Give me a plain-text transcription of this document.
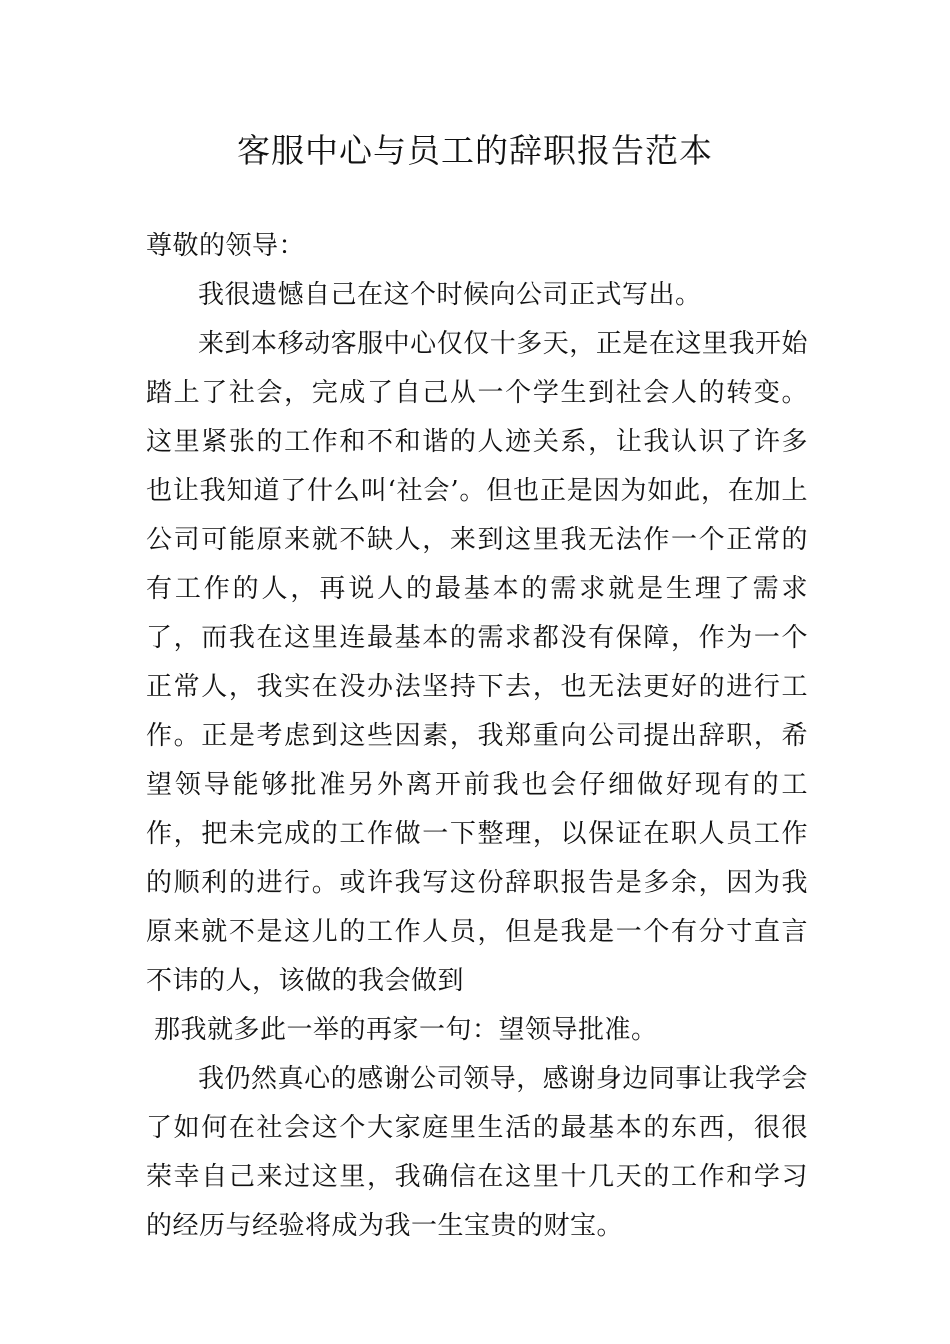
客服中心与员工的辞职报告范本

尊敬的领导：

我很遗憾自己在这个时候向公司正式写出。

来到本移动客服中心仅仅十多天，正是在这里我开始踏上了社会，完成了自己从一个学生到社会人的转变。这里紧张的工作和不和谐的人迹关系，让我认识了许多也让我知道了什么叫‘社会’。但也正是因为如此，在加上公司可能原来就不缺人，来到这里我无法作一个正常的有工作的人，再说人的最基本的需求就是生理了需求了，而我在这里连最基本的需求都没有保障，作为一个正常人，我实在没办法坚持下去，也无法更好的进行工作。正是考虑到这些因素，我郑重向公司提出辞职，希望领导能够批准另外离开前我也会仔细做好现有的工作，把未完成的工作做一下整理，以保证在职人员工作的顺利的进行。或许我写这份辞职报告是多余，因为我原来就不是这儿的工作人员，但是我是一个有分寸直言不讳的人，该做的我会做到

那我就多此一举的再家一句：望领导批准。

我仍然真心的感谢公司领导，感谢身边同事让我学会了如何在社会这个大家庭里生活的最基本的东西，很很荣幸自己来过这里，我确信在这里十几天的工作和学习的经历与经验将成为我一生宝贵的财宝。
